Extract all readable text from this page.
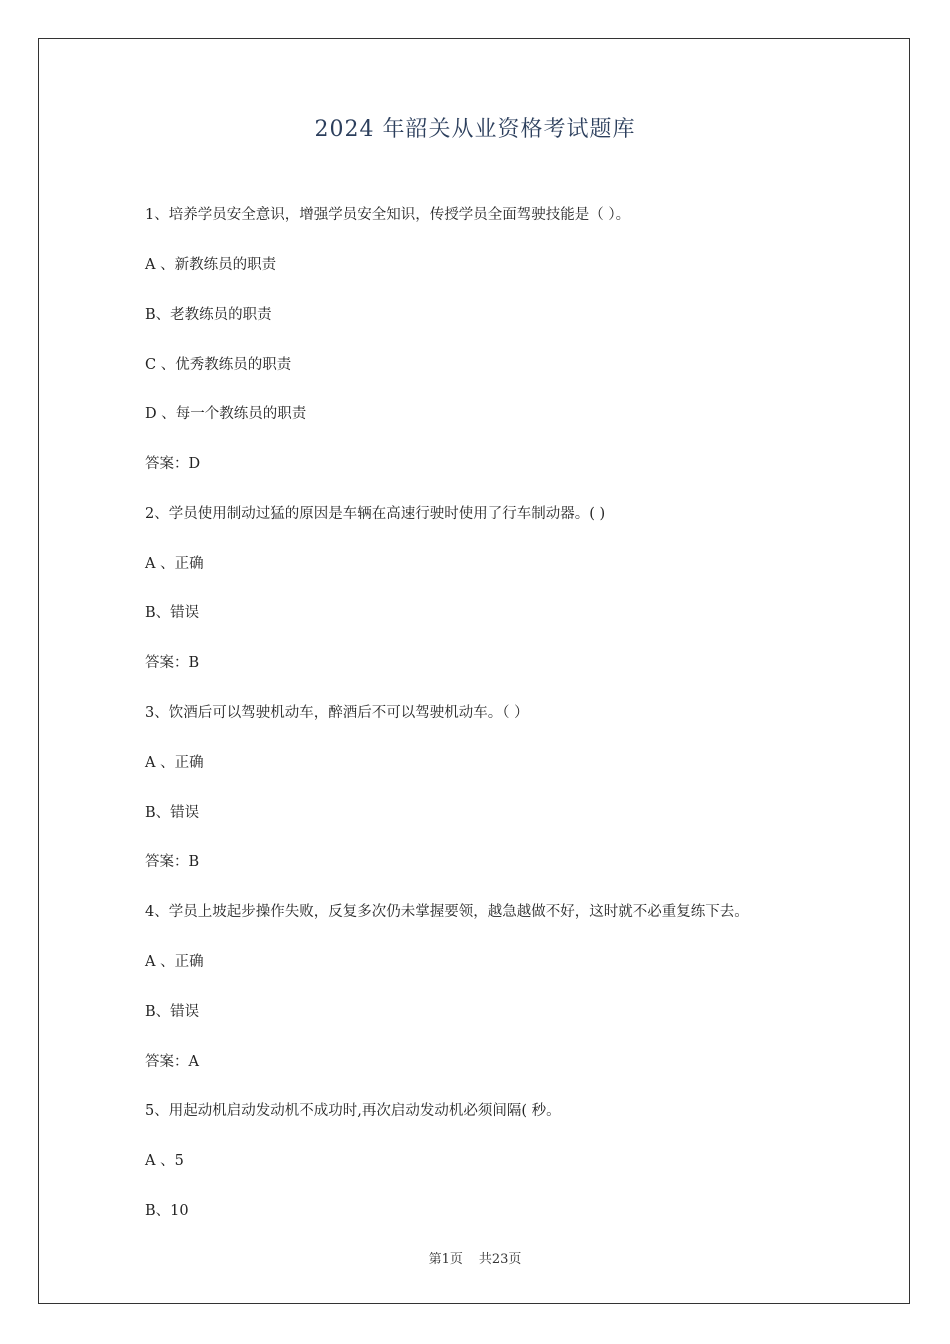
2024 年韶关从业资格考试题库
1、培养学员安全意识，增强学员安全知识，传授学员全面驾驶技能是（ ）。
A 、新教练员的职责
B、老教练员的职责
C 、优秀教练员的职责
D 、每一个教练员的职责
答案：D
2、学员使用制动过猛的原因是车辆在高速行驶时使用了行车制动器。( )
A 、正确
B、错误
答案：B
3、饮酒后可以驾驶机动车，醉酒后不可以驾驶机动车。（ ）
A 、正确
B、错误
答案：B
4、学员上坡起步操作失败，反复多次仍未掌握要领，越急越做不好，这时就不必重复练下去。
A 、正确
B、错误
答案：A
5、用起动机启动发动机不成功时,再次启动发动机必须间隔( 秒。
A 、5
B、10
第1页 共23页
